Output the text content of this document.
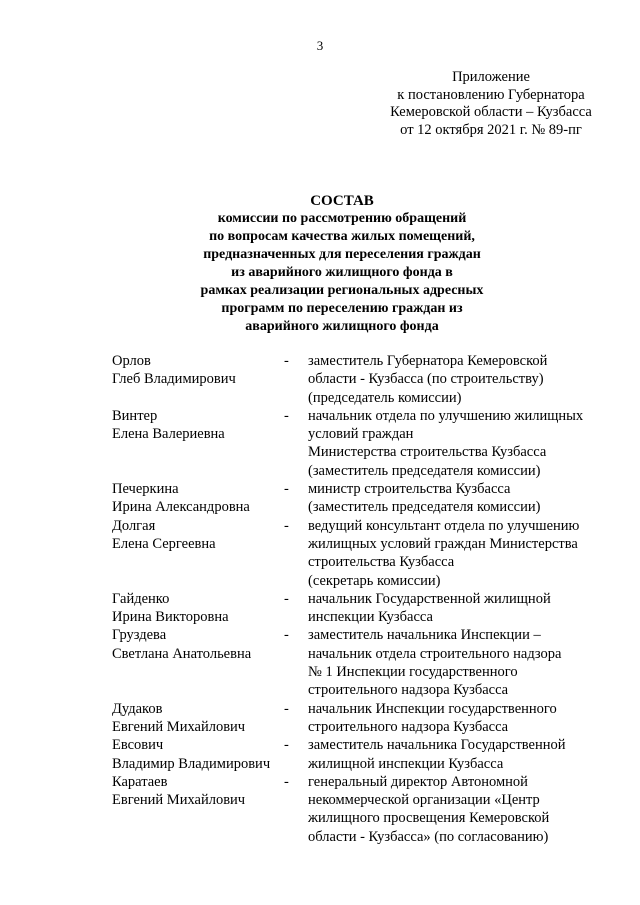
3
Приложение
к постановлению Губернатора
Кемеровской области – Кузбасса
от 12 октября 2021 г. № 89-пг
СОСТАВ
комиссии по рассмотрению обращений
по вопросам качества жилых помещений,
предназначенных для переселения граждан
из аварийного жилищного фонда в
рамках реализации региональных адресных
программ по переселению граждан из
аварийного жилищного фонда
Орлов
Глеб Владимирович
-	заместитель Губернатора Кемеровской
области - Кузбасса (по строительству)
(председатель комиссии)
Винтер
Елена Валериевна
-	начальник отдела по улучшению жилищных
условий граждан
Министерства строительства Кузбасса
(заместитель председателя комиссии)
Печеркина
Ирина Александровна
-	министр строительства Кузбасса
(заместитель председателя комиссии)
Долгая
Елена Сергеевна
-	ведущий консультант отдела по улучшению
жилищных условий граждан Министерства
строительства Кузбасса
(секретарь комиссии)
Гайденко
Ирина Викторовна
-	начальник Государственной жилищной
инспекции Кузбасса
Груздева
Светлана Анатольевна
-	заместитель начальника Инспекции –
начальник отдела строительного надзора
№ 1 Инспекции государственного
строительного надзора Кузбасса
Дудаков
Евгений Михайлович
-	начальник Инспекции государственного
строительного надзора Кузбасса
Евсович
Владимир Владимирович
-	заместитель начальника Государственной
жилищной инспекции Кузбасса
Каратаев
Евгений Михайлович
-	генеральный директор Автономной
некоммерческой организации «Центр
жилищного просвещения Кемеровской
области - Кузбасса» (по согласованию)
